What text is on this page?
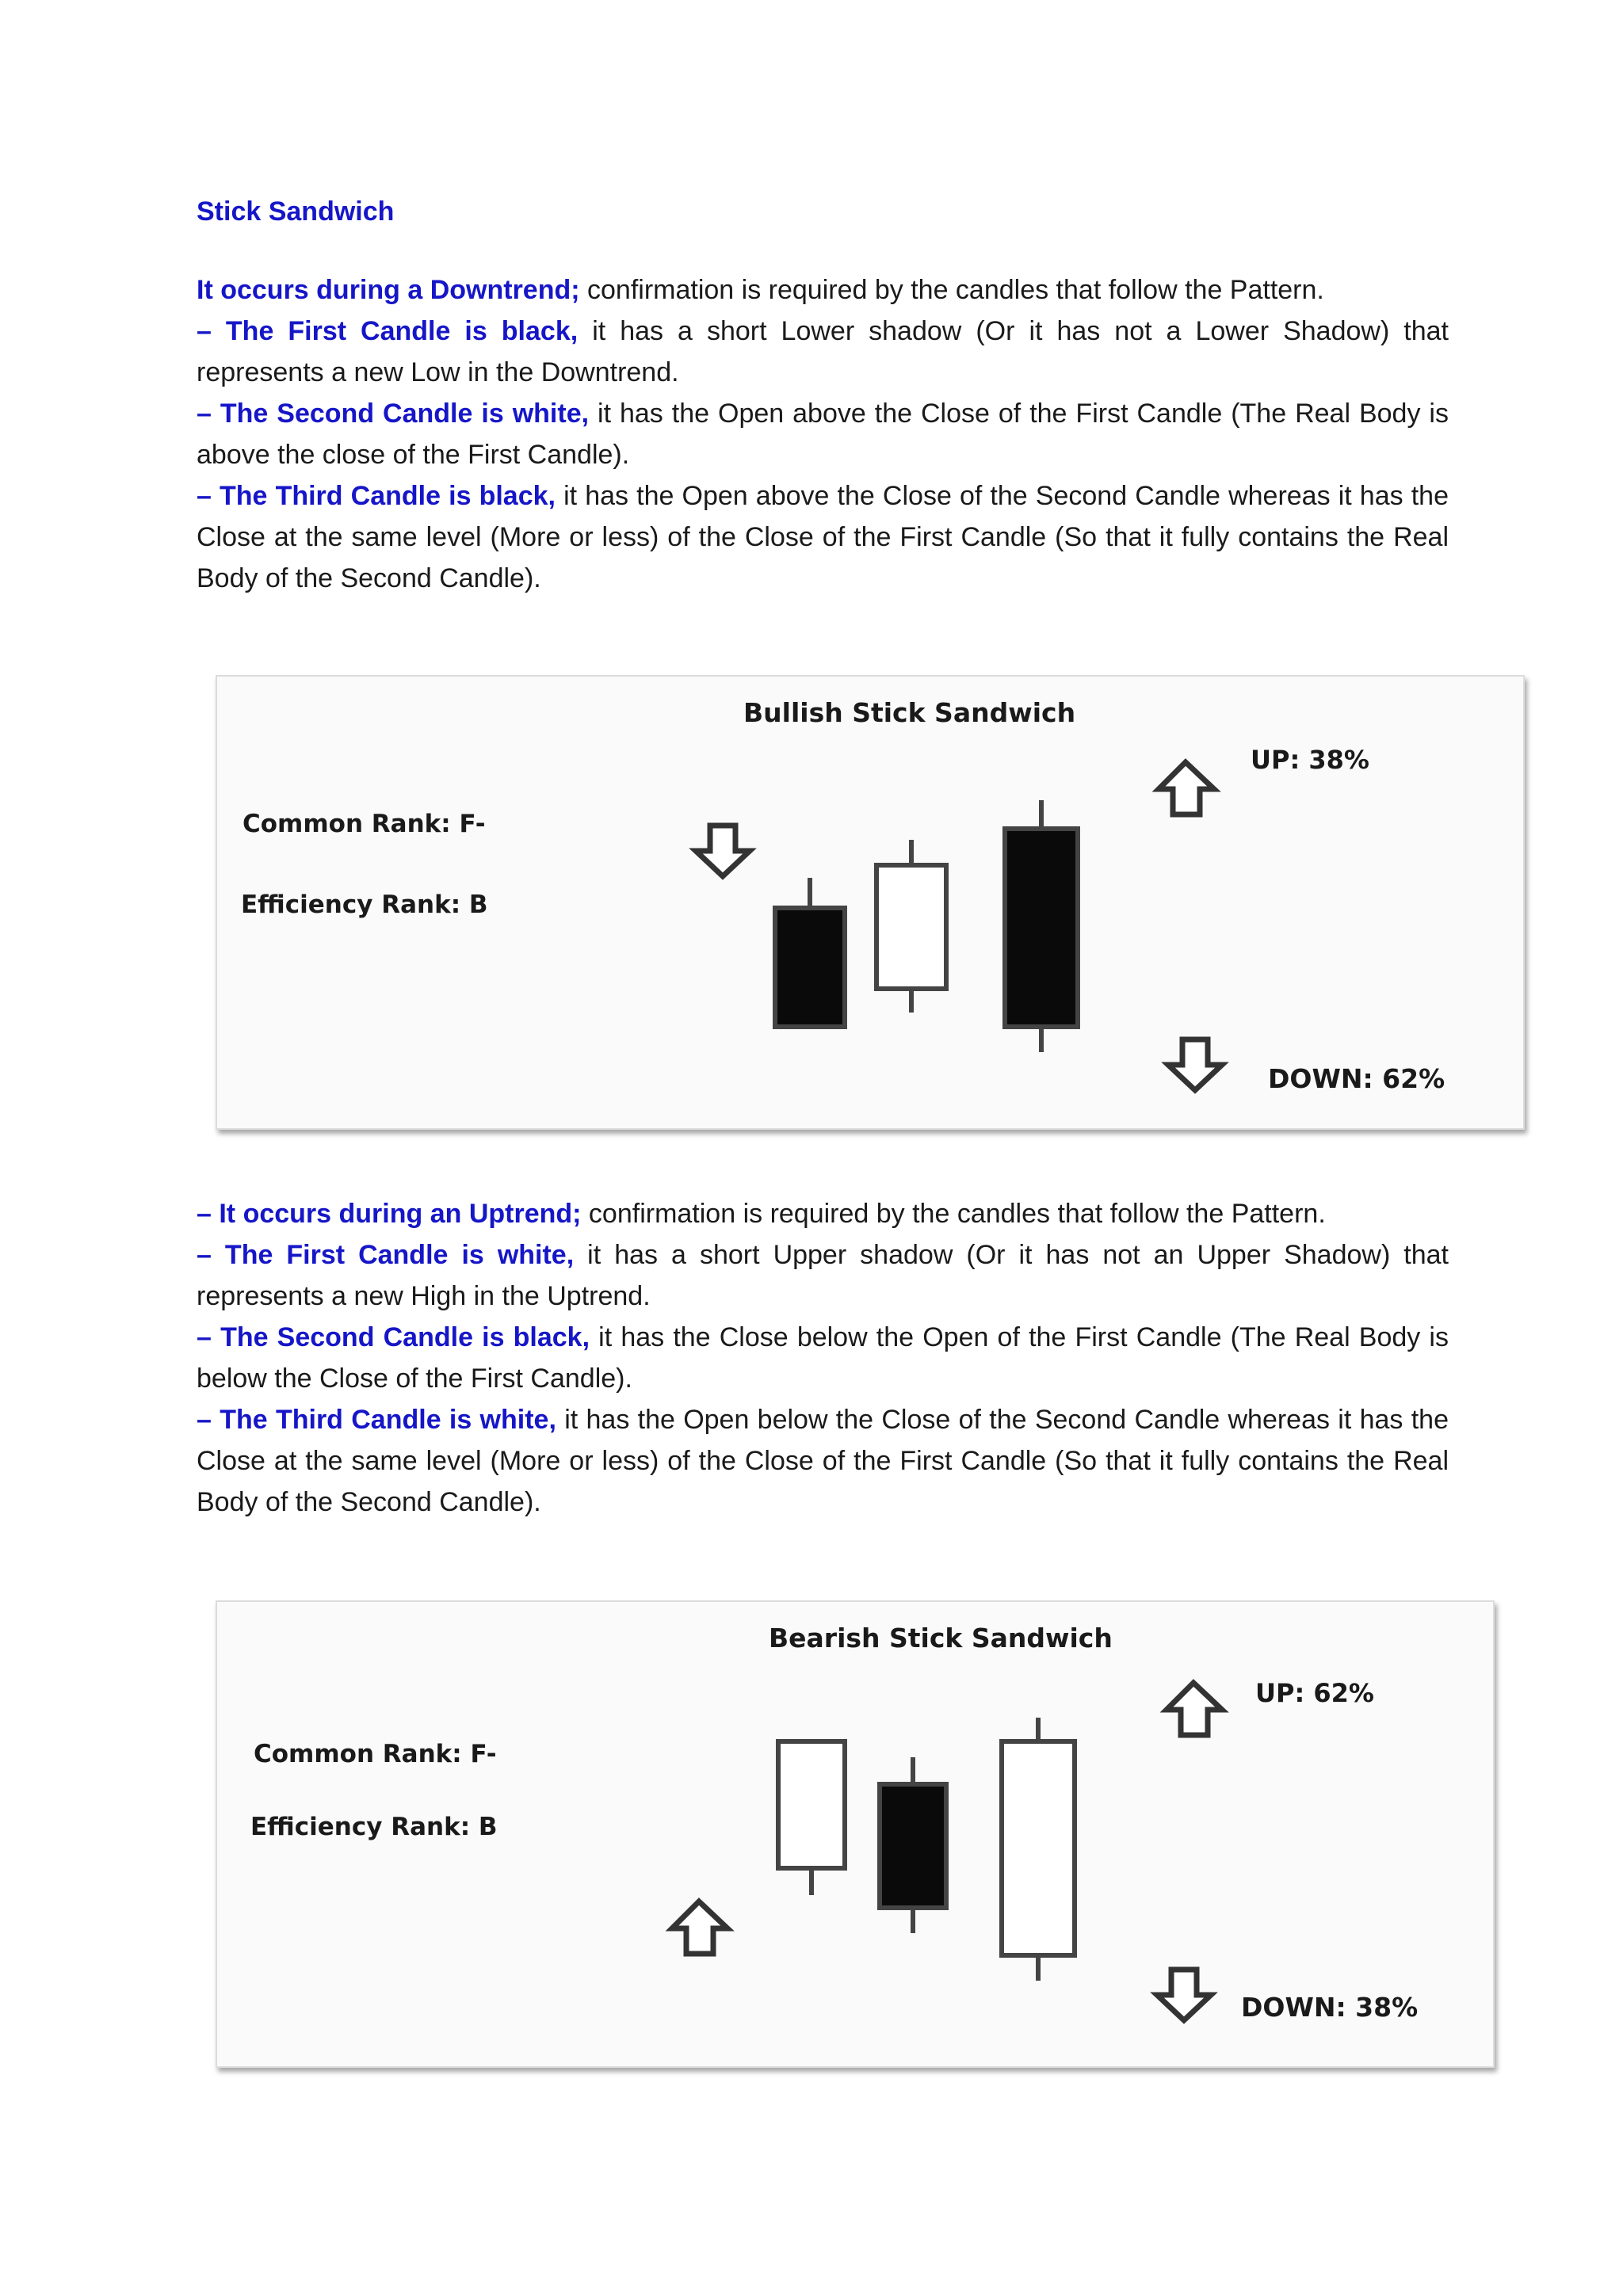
Stick Sandwich

It occurs during a Downtrend; confirmation is required by the candles that follow the Pattern.

– The First Candle is black, it has a short Lower shadow (Or it has not a Lower Shadow) that represents a new Low in the Downtrend.

– The Second Candle is white, it has the Open above the Close of the First Candle (The Real Body is above the close of the First Candle).

– The Third Candle is black, it has the Open above the Close of the Second Candle whereas it has the Close at the same level (More or less) of the Close of the First Candle (So that it fully contains the Real Body of the Second Candle).

Bullish Stick Sandwich
Common Rank: F-
Efficiency Rank: B
UP: 38%
DOWN: 62%

– It occurs during an Uptrend; confirmation is required by the candles that follow the Pattern.

– The First Candle is white, it has a short Upper shadow (Or it has not an Upper Shadow) that represents a new High in the Uptrend.

– The Second Candle is black, it has the Close below the Open of the First Candle (The Real Body is below the Close of the First Candle).

– The Third Candle is white, it has the Open below the Close of the Second Candle whereas it has the Close at the same level (More or less) of the Close of the First Candle (So that it fully contains the Real Body of the Second Candle).

Bearish Stick Sandwich
Common Rank: F-
Efficiency Rank: B
UP: 62%
DOWN: 38%
